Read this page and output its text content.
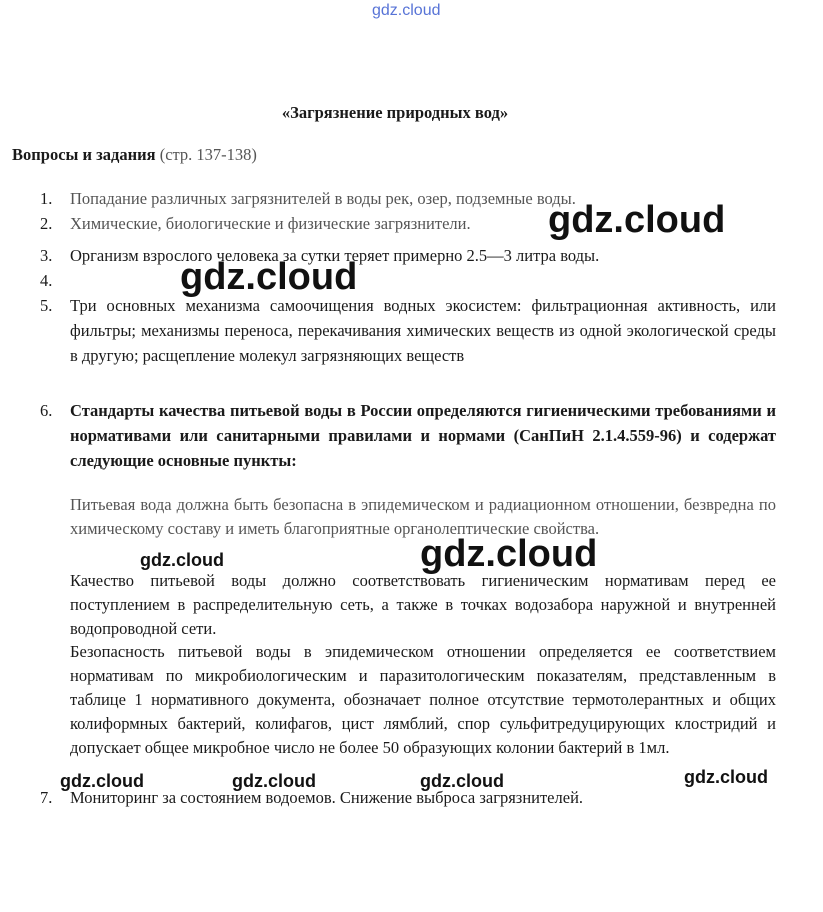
gdz.cloud
«Загрязнение природных вод»
Вопросы и задания (стр. 137-138)
1.	Попадание различных загрязнителей в воды рек, озер, подземные воды.
2.	Химические, биологические и физические загрязнители.
3.	Организм взрослого человека за сутки теряет примерно 2.5—3 литра воды.
4.
5.	Три основных механизма самоочищения водных экосистем: фильтрационная активность, или фильтры; механизмы переноса, перекачивания химических веществ из одной экологической среды в другую; расщепление молекул загрязняющих веществ
6.	Стандарты качества питьевой воды в России определяются гигиеническими требованиями и нормативами или санитарными правилами и нормами (СанПиН 2.1.4.559-96) и содержат следующие основные пункты:
Питьевая вода должна быть безопасна в эпидемическом и радиационном отношении, безвредна по химическому составу и иметь благоприятные органолептические свойства.
Качество питьевой воды должно соответствовать гигиеническим нормативам перед ее поступлением в распределительную сеть, а также в точках водозабора наружной и внутренней водопроводной сети.
Безопасность питьевой воды в эпидемическом отношении определяется ее соответствием нормативам по микробиологическим и паразитологическим показателям, представленным в таблице 1 нормативного документа, обозначает полное отсутствие термотолерантных и общих колиформных бактерий, колифагов, цист лямблий, спор сульфитредуцирующих клостридий и допускает общее микробное число не более 50 образующих колонии бактерий в 1мл.
7.	Мониторинг за состоянием водоемов. Снижение выброса загрязнителей.
gdz.cloud
gdz.cloud
gdz.cloud
gdz.cloud
gdz.cloud	gdz.cloud	gdz.cloud	gdz.cloud
